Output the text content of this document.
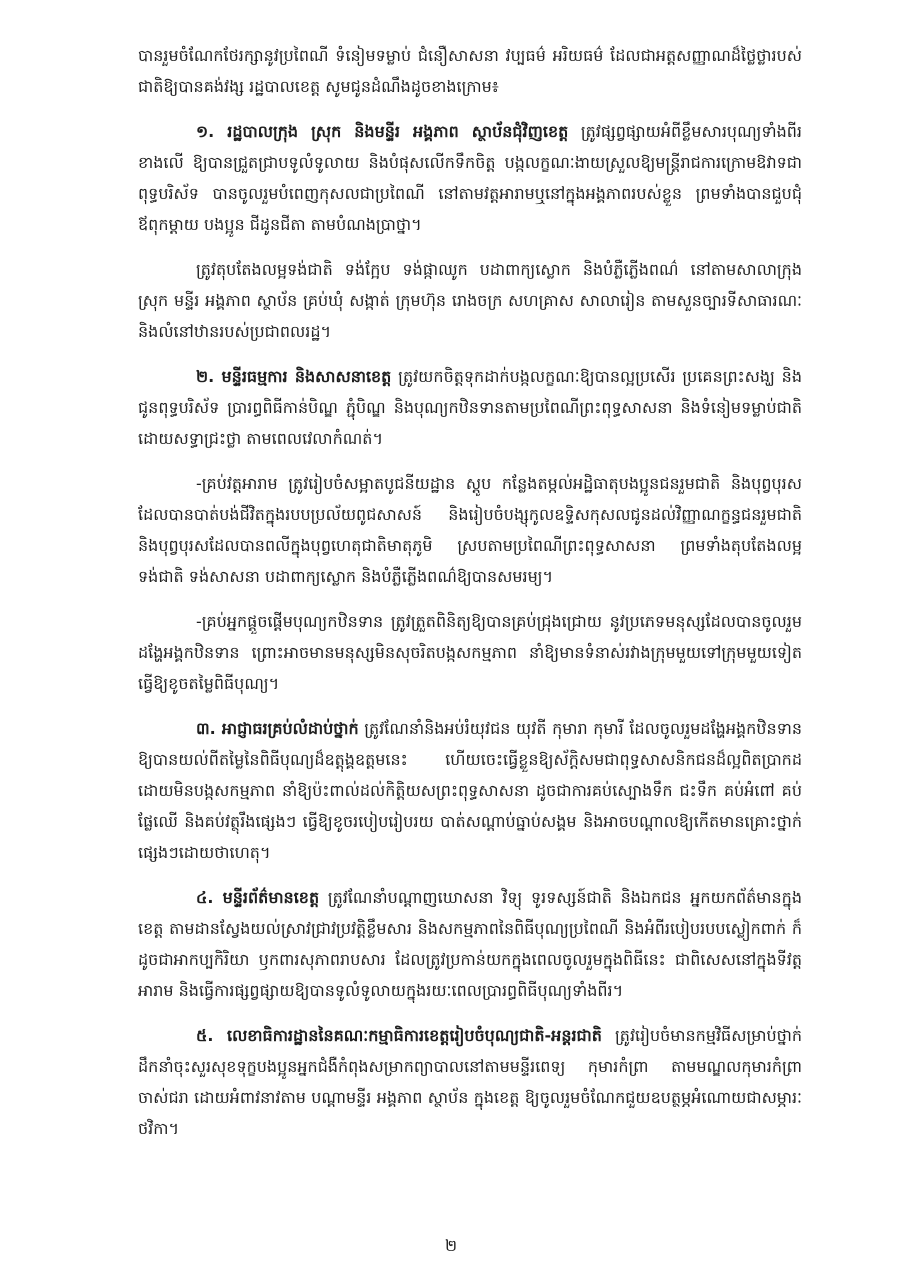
បានរួមចំណែកថែរក្សានូវប្រពៃណី ទំនៀមទម្លាប់ ជំនឿសាសនា វប្បធម៌ អរិយធម៌ ដែលជាអត្តសញ្ញាណដ៏ថ្លៃថ្លារបស់ជាតិឱ្យបានគង់វង្ស រដ្ឋបាលខេត្ត សូមជូនដំណឹងដូចខាងក្រោម៖

១. រដ្ឋបាលក្រុង ស្រុក និងមន្ទីរ អង្គភាព ស្ថាប័នជុំវិញខេត្ត ត្រូវផ្សព្វផ្សាយអំពីខ្លឹមសារបុណ្យទាំងពីរខាងលើ ឱ្យបានជ្រួតជ្រាបទូលំទូលាយ និងបំផុសលើកទឹកចិត្ត បង្កលក្ខណៈងាយស្រួលឱ្យមន្ត្រីរាជការក្រោមឱវាទជាពុទ្ធបរិស័ទ បានចូលរួមបំពេញកុសលជាប្រពៃណី នៅតាមវត្តអារាមឬនៅក្នុងអង្គភាពរបស់ខ្លួន ព្រមទាំងបានជួបជុំឪពុកម្ដាយ បងប្អូន ជីដូនជីតា តាមបំណងប្រាថ្នា។

ត្រូវតុបតែងលម្អទង់ជាតិ ទង់ក្អែប ទង់ផ្កាឈូក បដាពាក្យស្លោក និងបំភ្លឺភ្លើងពណ៌ នៅតាមសាលាក្រុង ស្រុក មន្ទីរ អង្គភាព ស្ថាប័ន គ្រប់ឃុំ សង្កាត់ ក្រុមហ៊ុន រោងចក្រ សហគ្រាស សាលារៀន តាមសួនច្បារទីសាធារណៈ និងលំនៅឋានរបស់ប្រជាពលរដ្ឋ។

២. មន្ទីរធម្មការ និងសាសនាខេត្ត ត្រូវយកចិត្តទុកដាក់បង្កលក្ខណៈឱ្យបានល្អប្រសើរ ប្រគេនព្រះសង្ឃ និងជូនពុទ្ធបរិស័ទ ប្រារព្ធពិធីកាន់បិណ្ឌ ភ្ជុំបិណ្ឌ និងបុណ្យកឋិនទានតាមប្រពៃណីព្រះពុទ្ធសាសនា និងទំនៀមទម្លាប់ជាតិ ដោយសទ្ធាជ្រះថ្លា តាមពេលវេលាកំណត់។

-គ្រប់វត្តអារាម ត្រូវរៀបចំសម្អាតបូជនីយដ្ឋាន ស្តូប កន្លែងតម្កល់អដ្ឋិធាតុបងប្អូនជនរួមជាតិ និងបុព្វបុរសដែលបានបាត់បង់ជីវិតក្នុងរបបប្រល័យពូជសាសន៍ និងរៀបចំបង្សុកូលឧទ្ទិសកុសលជូនដល់វិញ្ញាណក្ខន្ធជនរួមជាតិ និងបុព្វបុរសដែលបានពលីក្នុងបុព្វហេតុជាតិមាតុភូមិ ស្របតាមប្រពៃណីព្រះពុទ្ធសាសនា ព្រមទាំងតុបតែងលម្អទង់ជាតិ ទង់សាសនា បដាពាក្យស្លោក និងបំភ្លឺភ្លើងពណ៌ឱ្យបានសមរម្យ។

-គ្រប់អ្នកផ្ដួចផ្ដើមបុណ្យកឋិនទាន ត្រូវត្រួតពិនិត្យឱ្យបានគ្រប់ជ្រុងជ្រោយ នូវប្រភេទមនុស្សដែលបានចូលរួមដង្ហែអង្គកឋិនទាន ព្រោះអាចមានមនុស្សមិនសុចរិតបង្កសកម្មភាព នាំឱ្យមានទំនាស់រវាងក្រុមមួយទៅក្រុមមួយទៀត ធ្វើឱ្យខូចតម្លៃពិធីបុណ្យ។

៣. អាជ្ញាធរគ្រប់លំដាប់ថ្នាក់ ត្រូវណែនាំនិងអប់រំយុវជន យុវតី កុមារា កុមារី ដែលចូលរួមដង្ហែអង្គកឋិនទាន ឱ្យបានយល់ពីតម្លៃនៃពិធីបុណ្យដ៏ឧត្តុង្គឧត្តមនេះ ហើយចេះធ្វើខ្លួនឱ្យស័ក្ដិសមជាពុទ្ធសាសនិកជនដ៏ល្អពិតប្រាកដ ដោយមិនបង្កសកម្មភាព នាំឱ្យប៉ះពាល់ដល់កិត្តិយសព្រះពុទ្ធសាសនា ដូចជាការគប់ស្បោងទឹក ជះទឹក គប់អំពៅ គប់ផ្លែឈើ និងគប់វត្ថុរឹងផ្សេងៗ ធ្វើឱ្យខូចរបៀបរៀបរយ បាត់សណ្ដាប់ធ្នាប់សង្គម និងអាចបណ្ដាលឱ្យកើតមានគ្រោះថ្នាក់ផ្សេងៗដោយថាហេតុ។

៤. មន្ទីរព័ត៌មានខេត្ត ត្រូវណែនាំបណ្ដាញឃោសនា វិទ្យុ ទូរទស្សន៍ជាតិ និងឯកជន អ្នកយកព័ត៌មានក្នុងខេត្ត តាមដានស្វែងយល់ស្រាវជ្រាវប្រវត្តិខ្លឹមសារ និងសកម្មភាពនៃពិធីបុណ្យប្រពៃណី និងអំពីរបៀបរបបស្លៀកពាក់ ក៏ដូចជាអាកប្បកិរិយា ឫកពារសុភាពរាបសារ ដែលត្រូវប្រកាន់យកក្នុងពេលចូលរួមក្នុងពិធីនេះ ជាពិសេសនៅក្នុងទីវត្តអារាម និងធ្វើការផ្សព្វផ្សាយឱ្យបានទូលំទូលាយក្នុងរយៈពេលប្រារព្ធពិធីបុណ្យទាំងពីរ។

៥. លេខាធិការដ្ឋាននៃគណៈកម្មាធិការខេត្តរៀបចំបុណ្យជាតិ-អន្តរជាតិ ត្រូវរៀបចំមានកម្មវិធីសម្រាប់ថ្នាក់ដឹកនាំចុះសួរសុខទុក្ខបងប្អូនអ្នកជំងឺកំពុងសម្រាកព្យាបាលនៅតាមមន្ទីរពេទ្យ កុមារកំព្រា តាមមណ្ឌលកុមារកំព្រា ចាស់ជរា ដោយអំពាវនាវតាម បណ្ដាមន្ទីរ អង្គភាព ស្ថាប័ន ក្នុងខេត្ត ឱ្យចូលរួមចំណែកជួយឧបត្ថម្ភអំណោយជាសម្ភារៈ ថវិកា។

២
